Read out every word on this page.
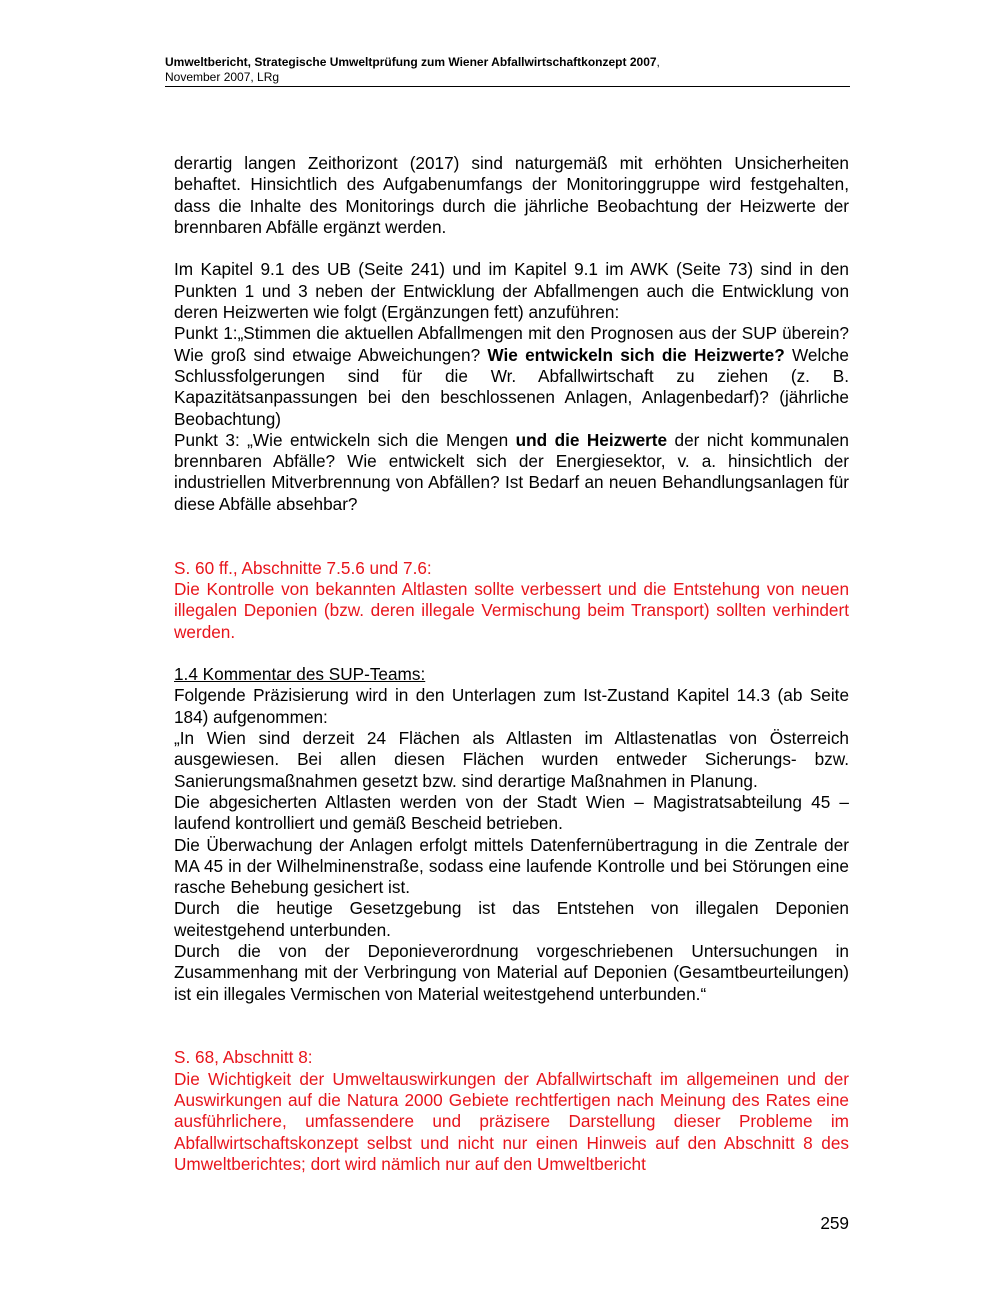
Umweltbericht, Strategische Umweltprüfung zum Wiener Abfallwirtschaftkonzept 2007,
November 2007, LRg

derartig langen Zeithorizont (2017) sind naturgemäß mit erhöhten Unsicherheiten behaftet. Hinsichtlich des Aufgabenumfangs der Monitoringgruppe wird festgehalten, dass die Inhalte des Monitorings durch die jährliche Beobachtung der Heizwerte der brennbaren Abfälle ergänzt werden.

Im Kapitel 9.1 des UB (Seite 241) und im Kapitel 9.1 im AWK (Seite 73) sind in den Punkten 1 und 3 neben der Entwicklung der Abfallmengen auch die Entwicklung von deren Heizwerten wie folgt (Ergänzungen fett) anzuführen:

Punkt 1:„Stimmen die aktuellen Abfallmengen mit den Prognosen aus der SUP überein? Wie groß sind etwaige Abweichungen? Wie entwickeln sich die Heizwerte? Welche Schlussfolgerungen sind für die Wr. Abfallwirtschaft zu ziehen (z. B. Kapazitätsanpassungen bei den beschlossenen Anlagen, Anlagenbedarf)? (jährliche Beobachtung)

Punkt 3: „Wie entwickeln sich die Mengen und die Heizwerte der nicht kommunalen brennbaren Abfälle? Wie entwickelt sich der Energiesektor, v. a. hinsichtlich der industriellen Mitverbrennung von Abfällen? Ist Bedarf an neuen Behandlungsanlagen für diese Abfälle absehbar?

S. 60 ff., Abschnitte 7.5.6 und 7.6:

Die Kontrolle von bekannten Altlasten sollte verbessert und die Entstehung von neuen illegalen Deponien (bzw. deren illegale Vermischung beim Transport) sollten verhindert werden.

1.4 Kommentar des SUP-Teams:

Folgende Präzisierung wird in den Unterlagen zum Ist-Zustand Kapitel 14.3 (ab Seite 184) aufgenommen:

„In Wien sind derzeit 24 Flächen als Altlasten im Altlastenatlas von Österreich ausgewiesen. Bei allen diesen Flächen wurden entweder Sicherungs- bzw. Sanierungsmaßnahmen gesetzt bzw. sind derartige Maßnahmen in Planung.

Die abgesicherten Altlasten werden von der Stadt Wien – Magistratsabteilung 45 – laufend kontrolliert und gemäß Bescheid betrieben.

Die Überwachung der Anlagen erfolgt mittels Datenfernübertragung in die Zentrale der MA 45 in der Wilhelminenstraße, sodass eine laufende Kontrolle und bei Störungen eine rasche Behebung gesichert ist.

Durch die heutige Gesetzgebung ist das Entstehen von illegalen Deponien weitestgehend unterbunden.

Durch die von der Deponieverordnung vorgeschriebenen Untersuchungen in Zusammenhang mit der Verbringung von Material auf Deponien (Gesamtbeurteilungen) ist ein illegales Vermischen von Material weitestgehend unterbunden.“

S. 68, Abschnitt 8:

Die Wichtigkeit der Umweltauswirkungen der Abfallwirtschaft im allgemeinen und der Auswirkungen auf die Natura 2000 Gebiete rechtfertigen nach Meinung des Rates eine ausführlichere, umfassendere und präzisere Darstellung dieser Probleme im Abfallwirtschaftskonzept selbst und nicht nur einen Hinweis auf den Abschnitt 8 des Umweltberichtes; dort wird nämlich nur auf den Umweltbericht

259
